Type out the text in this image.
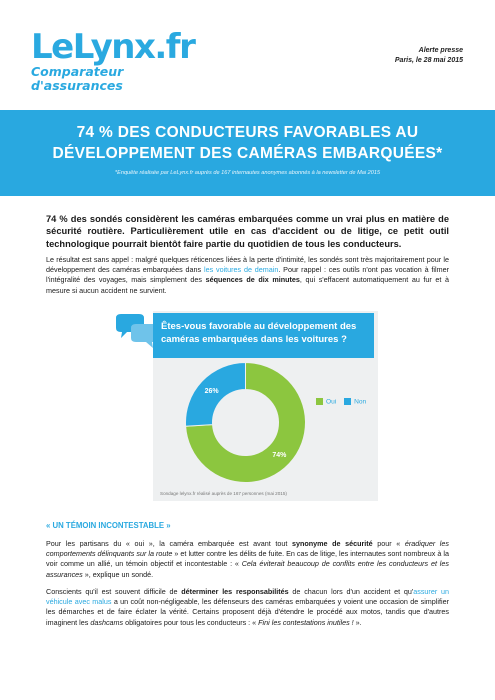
LeLynx.fr
Comparateur d'assurances
Alerte presse
Paris, le 28 mai 2015
74 % DES CONDUCTEURS FAVORABLES AU
DÉVELOPPEMENT DES CAMÉRAS EMBARQUÉES*
*Enquête réalisée par LeLynx.fr auprès de 167 internautes anonymes abonnés à la newsletter de Mai 2015
74 % des sondés considèrent les caméras embarquées comme un vrai plus en matière de sécurité routière. Particulièrement utile en cas d'accident ou de litige, ce petit outil technologique pourrait bientôt faire partie du quotidien de tous les conducteurs.
Le résultat est sans appel : malgré quelques réticences liées à la perte d'intimité, les sondés sont très majoritairement pour le développement des caméras embarquées dans les voitures de demain. Pour rappel : ces outils n'ont pas vocation à filmer l'intégralité des voyages, mais simplement des séquences de dix minutes, qui s'effacent automatiquement au fur et à mesure si aucun accident ne survient.
Êtes-vous favorable au développement des caméras embarquées dans les voitures ?
74%
26%
Oui	Non
Sondage lelynx.fr réalisé auprès de 167 personnes (mai 2015)
« UN TÉMOIN INCONTESTABLE »
Pour les partisans du « oui », la caméra embarquée est avant tout synonyme de sécurité pour « éradiquer les comportements délinquants sur la route » et lutter contre les délits de fuite. En cas de litige, les internautes sont nombreux à la voir comme un allié, un témoin objectif et incontestable : « Cela éviterait beaucoup de conflits entre les conducteurs et les assurances », explique un sondé.
Conscients qu'il est souvent difficile de déterminer les responsabilités de chacun lors d'un accident et qu'assurer un véhicule avec malus a un coût non-négligeable, les défenseurs des caméras embarquées y voient une occasion de simplifier les démarches et de faire éclater la vérité. Certains proposent déjà d'étendre le procédé aux motos, tandis que d'autres imaginent les dashcams obligatoires pour tous les conducteurs : « Fini les contestations inutiles ! ».
